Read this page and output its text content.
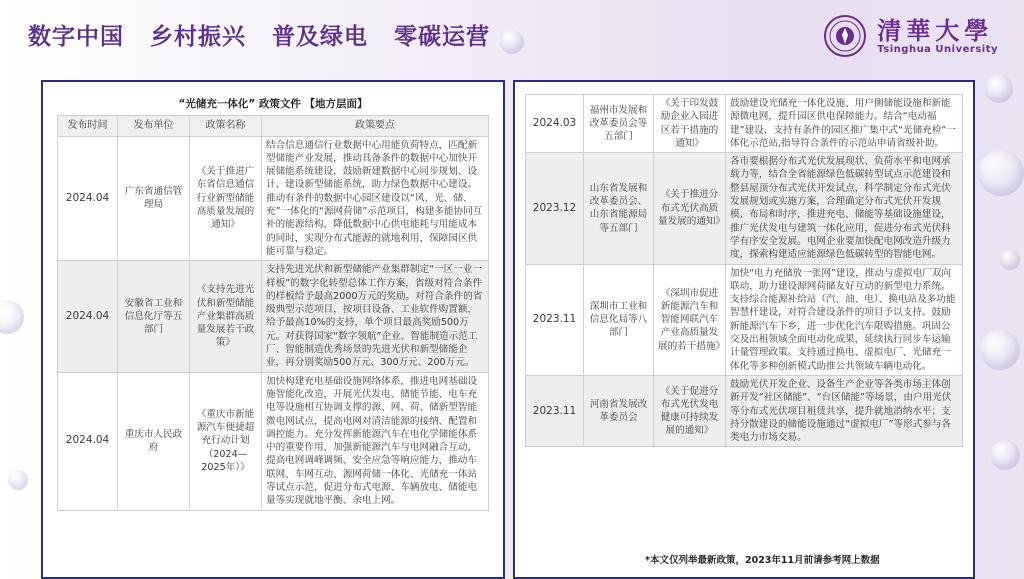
数字中国 乡村振兴 普及绿电 零碳运营	清華大學
Tsinghua University
“光储充一体化” 政策文件 【地方层面】			
发布时间	发布单位	政策名称	政策要点
2024.04	广东省通信管理局	《关于推进广东省信息通信行业新型储能高质量发展的通知》	结合信息通信行业数据中心用能负荷特点，匹配新型储能产业发展，推动具备条件的数据中心加快开展储能系统建设，鼓励新建数据中心同步规划、设计、建设新型储能系统，助力绿色数据中心建设。推动有条件的数据中心园区建设以“风、光、储、充”一体化的“源网荷储”示范项目，构建多能协同互补的能源结构，降低数据中心供电能耗与用能成本的同时，实现分布式能源的就地利用，保障园区供能可靠与稳定。
2024.04	安徽省工业和信息化厅等五部门	《支持先进光伏和新型储能产业集群高质量发展若干政策》	支持先进光伏和新型储能产业集群制定“一区一业一样板”的数字化转型总体工作方案，省级对符合条件的样板给予最高2000万元的奖励。对符合条件的省级典型示范项目，按项目设备、工业软件购置额，给予最高10%的支持，单个项目最高奖励500万元。对获得国家“数字领航”企业、智能制造示范工厂、智能制造优秀场景的先进光伏和新型储能企业，再分别奖励500万元、300万元、200万元。
2024.04	重庆市人民政府	《重庆市新能源汽车便捷超充行动计划（2024—2025年）》	加快构建充电基础设施网络体系，推进电网基础设施智能化改造，开展光伏发电、储能节能、电车充电等设施相互协调支撑的源、网、荷、储新型智能微电网试点，提高电网对清洁能源的接纳、配置和调控能力。充分发挥新能源汽车在电化学储能体系中的重要作用，加强新能源汽车与电网融合互动，提高电网调峰调频、安全应急等响应能力，推动车联网、车网互动、源网荷储一体化、光储充一体站等试点示范，促进分布式电源、车辆放电、储能电量等实现就地平衡、余电上网。
2024.03	福州市发展和改革委员会等五部门	《关于印发鼓励企业入园进区若干措施的通知》	鼓励建设光储充一体化设施、用户侧储能设施和新能源微电网，提升园区供电保障能力。结合“电动福建”建设，支持有条件的园区推广集中式“光储充检”一体化示范站,指导符合条件的示范站申请省级补助。
2023.12	山东省发展和改革委员会、山东省能源局等五部门	《关于推进分布式光伏高质量发展的通知》	各市要根据分布式光伏发展现状、负荷水平和电网承载力等，结合全省能源绿色低碳转型试点示范建设和整县屋顶分布式光伏开发试点，科学制定分布式光伏发展规划或实施方案，合理确定分布式光伏开发规模、布局和时序，推进充电、储能等基础设施建设，推广光伏发电与建筑一体化应用，促进分布式光伏科学有序安全发展。电网企业要加快配电网改造升级力度，探索构建适应能源绿色低碳转型的智能电网。
2023.11	深圳市工业和信息化局等八部门	《深圳市促进新能源汽车和智能网联汽车产业高质量发展的若干措施》	加快“电力充储放一张网”建设，推动与虚拟电厂双向联动，助力建设源网荷储友好互动的新型电力系统。支持综合能源补给站（汽、油、电）、换电站及多功能智慧杆建设，对符合建设条件的项目予以支持。鼓励新能源汽车下乡，进一步优化汽车限购措施。巩固公交及出租领域全面电动化成果，延续执行同步车运输计量管理政策。支持通过换电、虚拟电厂、光储充一体化等多种创新模式助推公共领域车辆电动化。
2023.11	河南省发展改革委员会	《关于促进分布式光伏发电健康可持续发展的通知》	鼓励光伏开发企业、设备生产企业等各类市场主体创新开发“社区储能”、“台区储能”等场景，由户用光伏等分布式光伏项目租赁共享，提升就地消纳水平；支持分散建设的储能设施通过“虚拟电厂”等形式参与各类电力市场交易。
*本文仅列举最新政策，2023年11月前请参考网上数据
